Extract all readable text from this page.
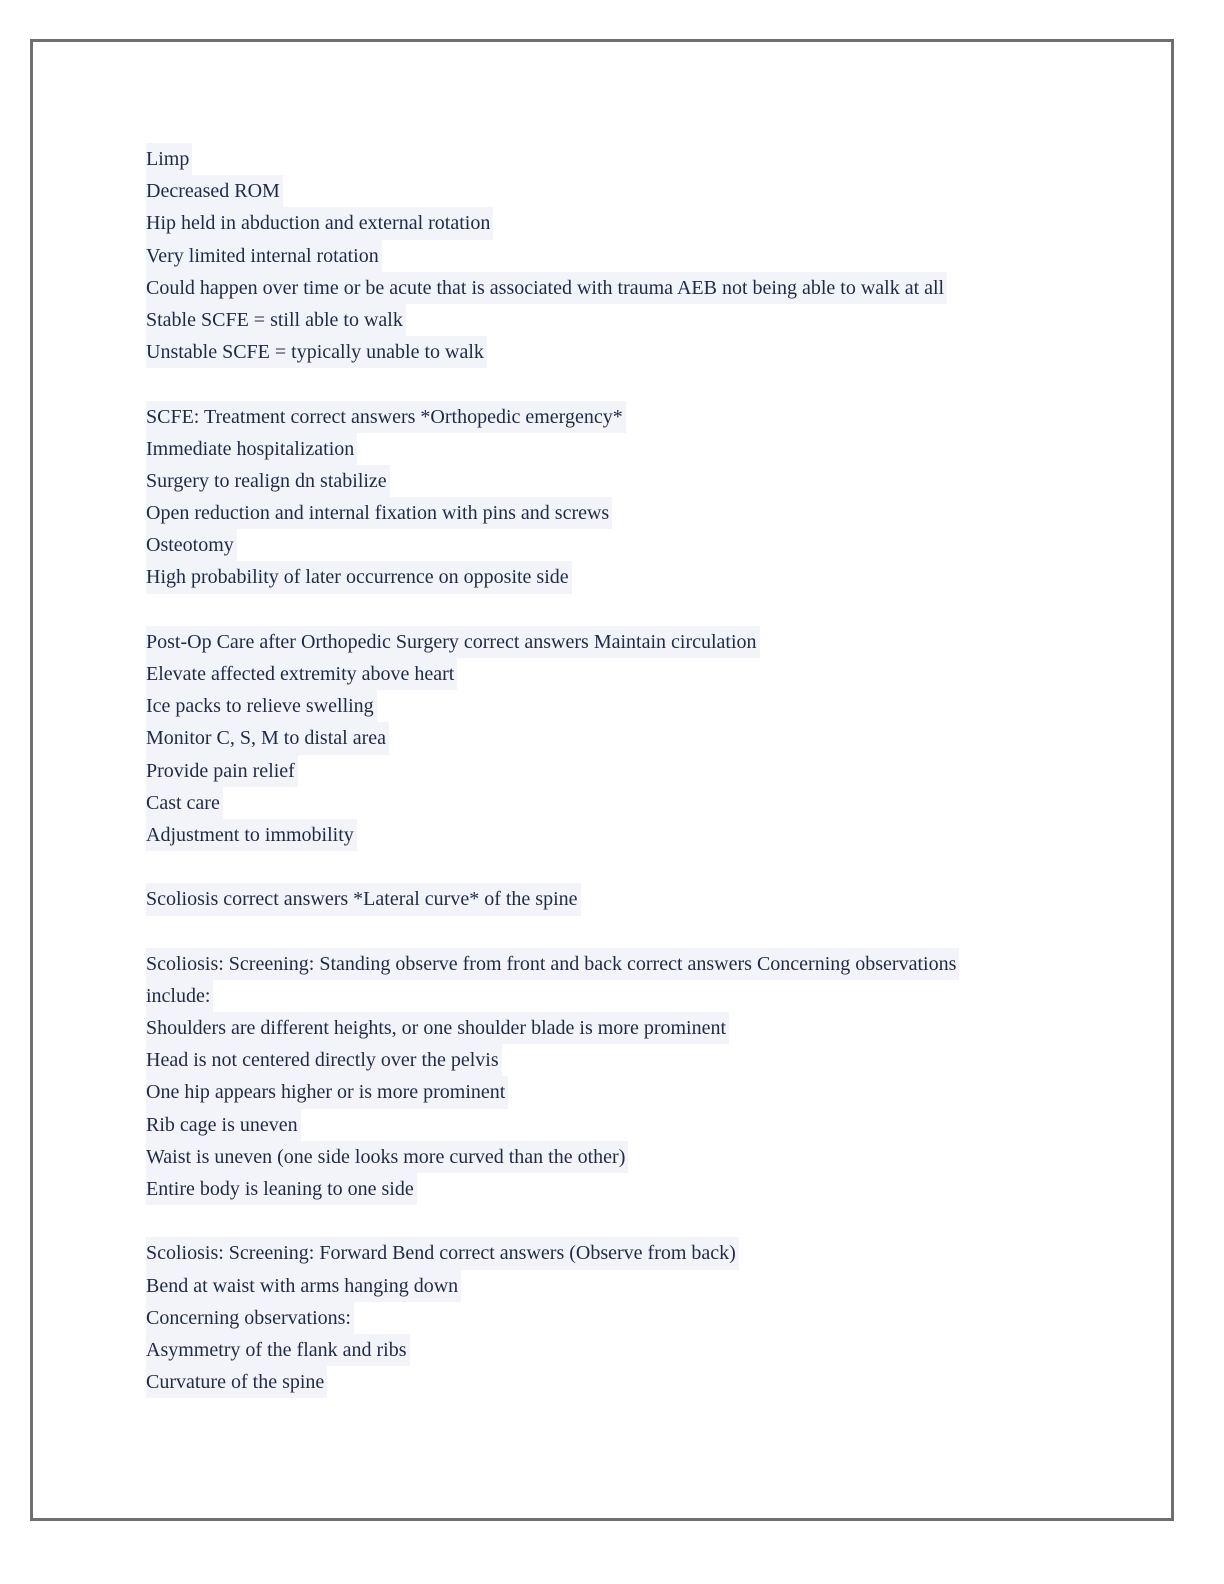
Limp
Decreased ROM
Hip held in abduction and external rotation
Very limited internal rotation
Could happen over time or be acute that is associated with trauma AEB not being able to walk at all
Stable SCFE = still able to walk
Unstable SCFE = typically unable to walk
SCFE: Treatment correct answers *Orthopedic emergency*
Immediate hospitalization
Surgery to realign dn stabilize
Open reduction and internal fixation with pins and screws
Osteotomy
High probability of later occurrence on opposite side
Post-Op Care after Orthopedic Surgery correct answers Maintain circulation
Elevate affected extremity above heart
Ice packs to relieve swelling
Monitor C, S, M to distal area
Provide pain relief
Cast care
Adjustment to immobility
Scoliosis correct answers *Lateral curve* of the spine
Scoliosis: Screening: Standing observe from front and back correct answers Concerning observations
include:
Shoulders are different heights, or one shoulder blade is more prominent
Head is not centered directly over the pelvis
One hip appears higher or is more prominent
Rib cage is uneven
Waist is uneven (one side looks more curved than the other)
Entire body is leaning to one side
Scoliosis: Screening: Forward Bend correct answers (Observe from back)
Bend at waist with arms hanging down
Concerning observations:
Asymmetry of the flank and ribs
Curvature of the spine
